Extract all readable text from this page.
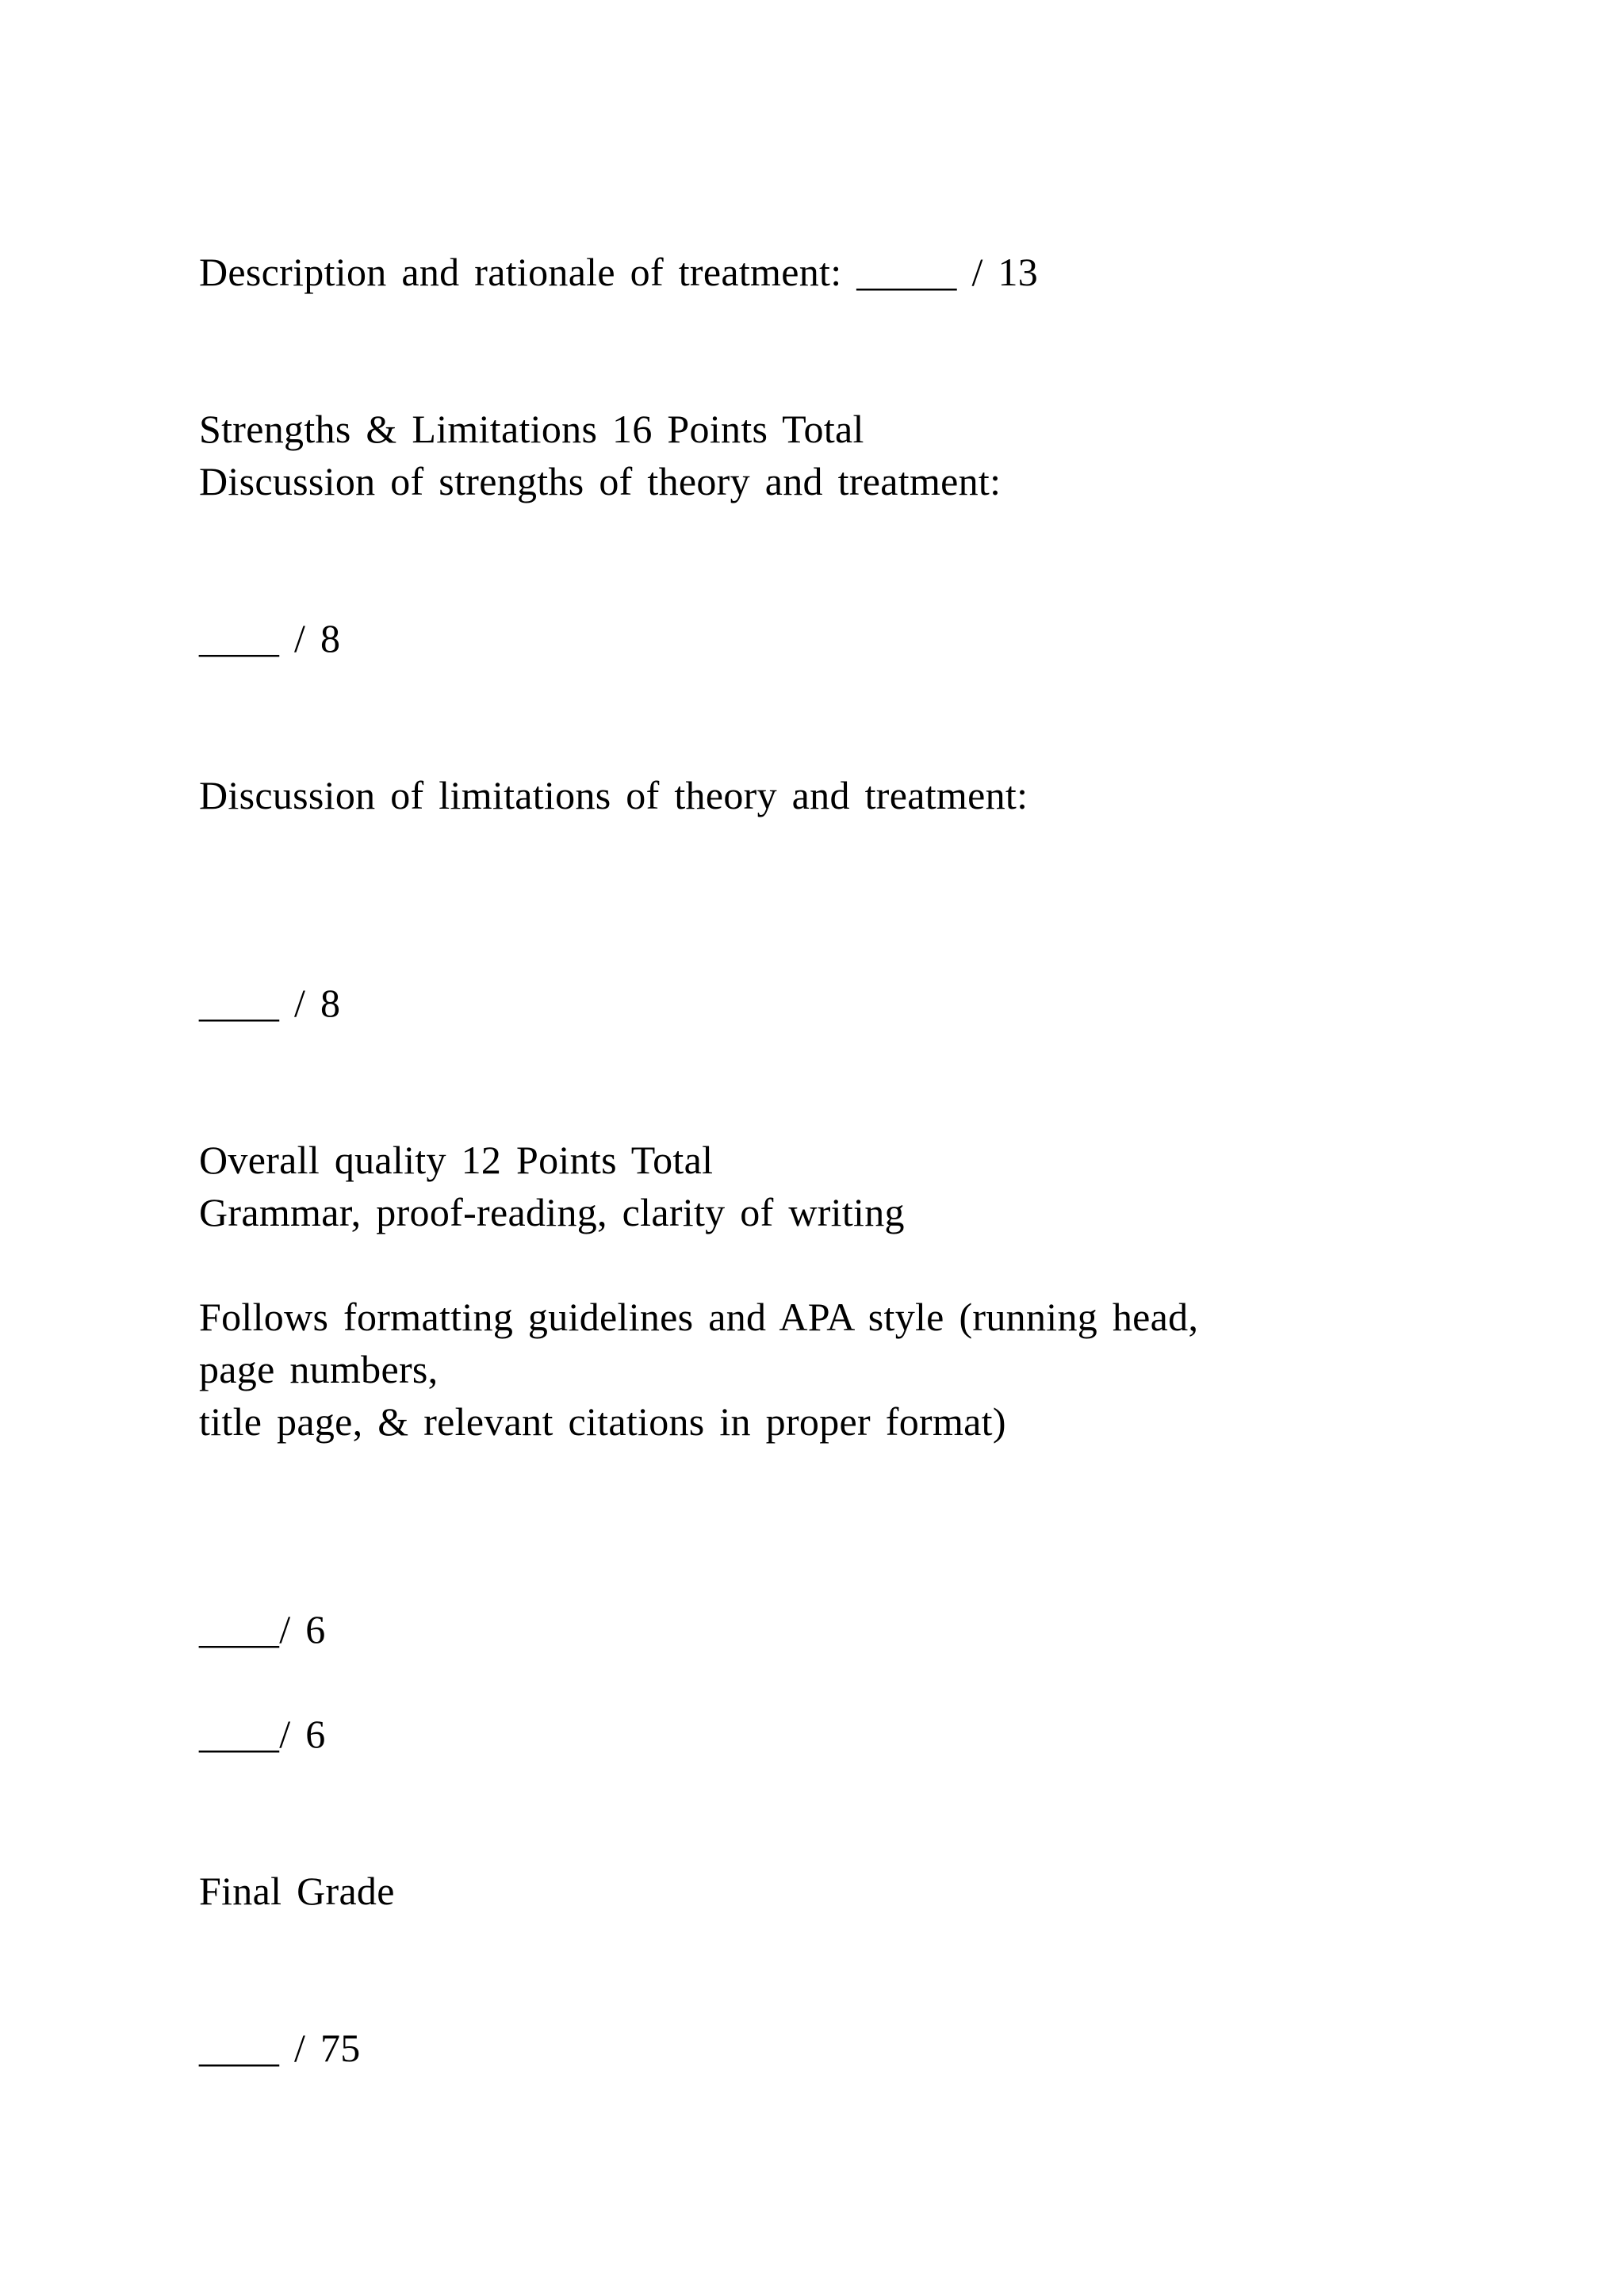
Description and rationale of treatment: _____ / 13
Strengths & Limitations 16 Points Total
Discussion of strengths of theory and treatment:
____ / 8
Discussion of limitations of theory and treatment:
____ / 8
Overall quality 12 Points Total
Grammar, proof-reading, clarity of writing
Follows formatting guidelines and APA style (running head,
page numbers,
title page, & relevant citations in proper format)
____/ 6
____/ 6
Final Grade
____ / 75
